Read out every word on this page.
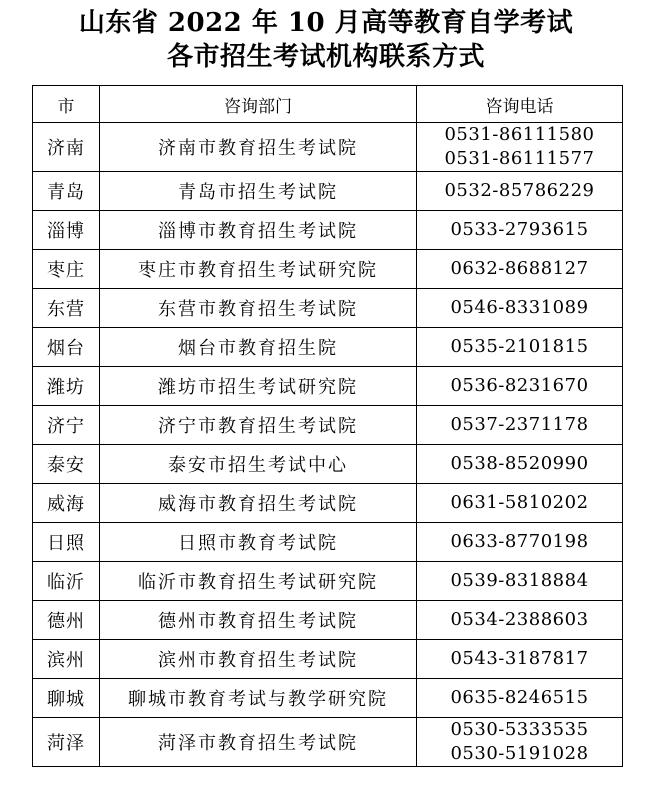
山东省 2022 年 10 月高等教育自学考试
各市招生考试机构联系方式
市	咨询部门	咨询电话
济南	济南市教育招生考试院	0531-86111580
0531-86111577

青岛	青岛市招生考试院	0532-85786229

淄博	淄博市教育招生考试院	0533-2793615

枣庄	枣庄市教育招生考试研究院	0632-8688127

东营	东营市教育招生考试院	0546-8331089

烟台	烟台市教育招生院	0535-2101815

潍坊	潍坊市招生考试研究院	0536-8231670

济宁	济宁市教育招生考试院	0537-2371178

泰安	泰安市招生考试中心	0538-8520990

威海	威海市教育招生考试院	0631-5810202

日照	日照市教育考试院	0633-8770198

临沂	临沂市教育招生考试研究院	0539-8318884

德州	德州市教育招生考试院	0534-2388603

滨州	滨州市教育招生考试院	0543-3187817

聊城	聊城市教育考试与教学研究院	0635-8246515

菏泽	菏泽市教育招生考试院	0530-5333535
0530-5191028
